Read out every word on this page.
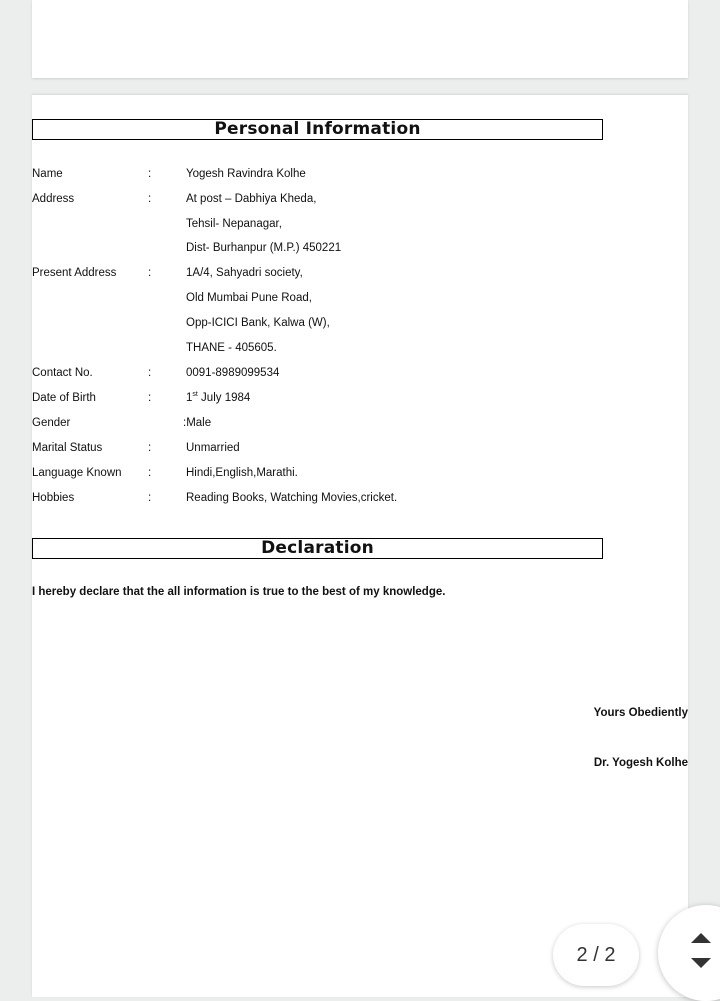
Personal Information
Name	:	Yogesh Ravindra Kolhe
Address	:	At post – Dabhiya Kheda,
Tehsil- Nepanagar,
Dist- Burhanpur (M.P.) 450221
Present Address	:	1A/4, Sahyadri society,
Old Mumbai Pune Road,
Opp-ICICI Bank, Kalwa (W),
THANE - 405605.
Contact No.	:	0091-8989099534
Date of Birth	:	1st July 1984
Gender	:Male
Marital Status	:	Unmarried
Language Known :	Hindi,English,Marathi.
Hobbies	:	Reading Books, Watching Movies,cricket.
Declaration
I hereby declare that the all information is true to the best of my knowledge.
Yours Obediently
Dr. Yogesh Kolhe
2 / 2
